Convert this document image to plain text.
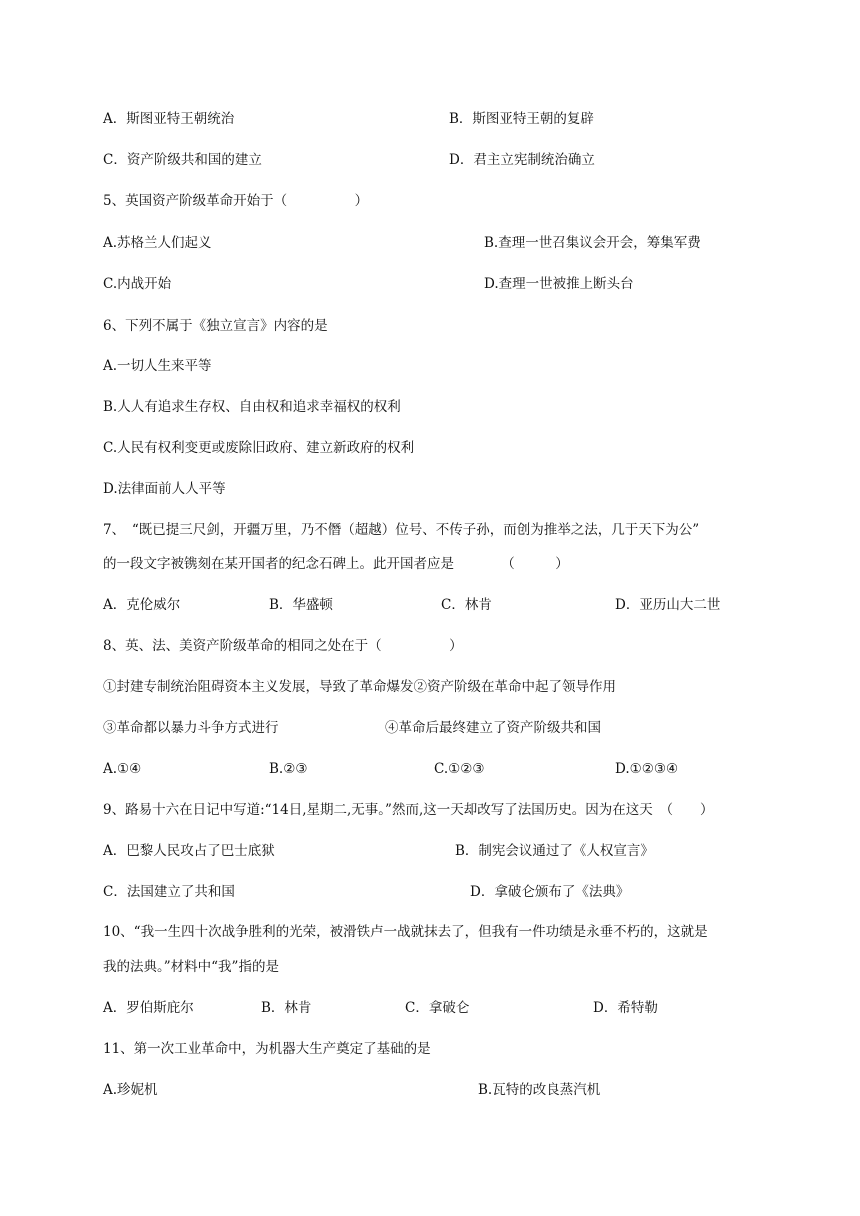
A．斯图亚特王朝统治	B．斯图亚特王朝的复辟
C．资产阶级共和国的建立	D．君主立宪制统治确立
5、英国资产阶级革命开始于（　　　　　）
A.苏格兰人们起义	B.查理一世召集议会开会，筹集军费
C.内战开始	D.查理一世被推上断头台
6、下列不属于《独立宣言》内容的是
A.一切人生来平等
B.人人有追求生存权、自由权和追求幸福权的权利
C.人民有权利变更或废除旧政府、建立新政府的权利
D.法律面前人人平等
7、　“既已提三尺剑，开疆万里，乃不僭（超越）位号、不传子孙，而创为推举之法，几于天下为公”
的一段文字被镌刻在某开国者的纪念石碑上。此开国者应是　　　　（　　　）
A．克伦威尔	B．华盛顿	C．林肯	D．亚历山大二世
8、英、法、美资产阶级革命的相同之处在于（　　　　　）
①封建专制统治阻碍资本主义发展，导致了革命爆发②资产阶级在革命中起了领导作用
③革命都以暴力斗争方式进行	④革命后最终建立了资产阶级共和国
A.①④	B.②③	C.①②③	D.①②③④
9、路易十六在日记中写道:“14日,星期二,无事。”然而,这一天却改写了法国历史。因为在这天　（　　）
A．巴黎人民攻占了巴士底狱	B．制宪会议通过了《人权宣言》
C．法国建立了共和国	D．拿破仑颁布了《法典》
10、“我一生四十次战争胜利的光荣，被滑铁卢一战就抹去了，但我有一件功绩是永垂不朽的，这就是
我的法典。”材料中“我”指的是
A．罗伯斯庇尔	B．林肯	C．拿破仑	D．希特勒
11、第一次工业革命中，为机器大生产奠定了基础的是
A.珍妮机	B.瓦特的改良蒸汽机
